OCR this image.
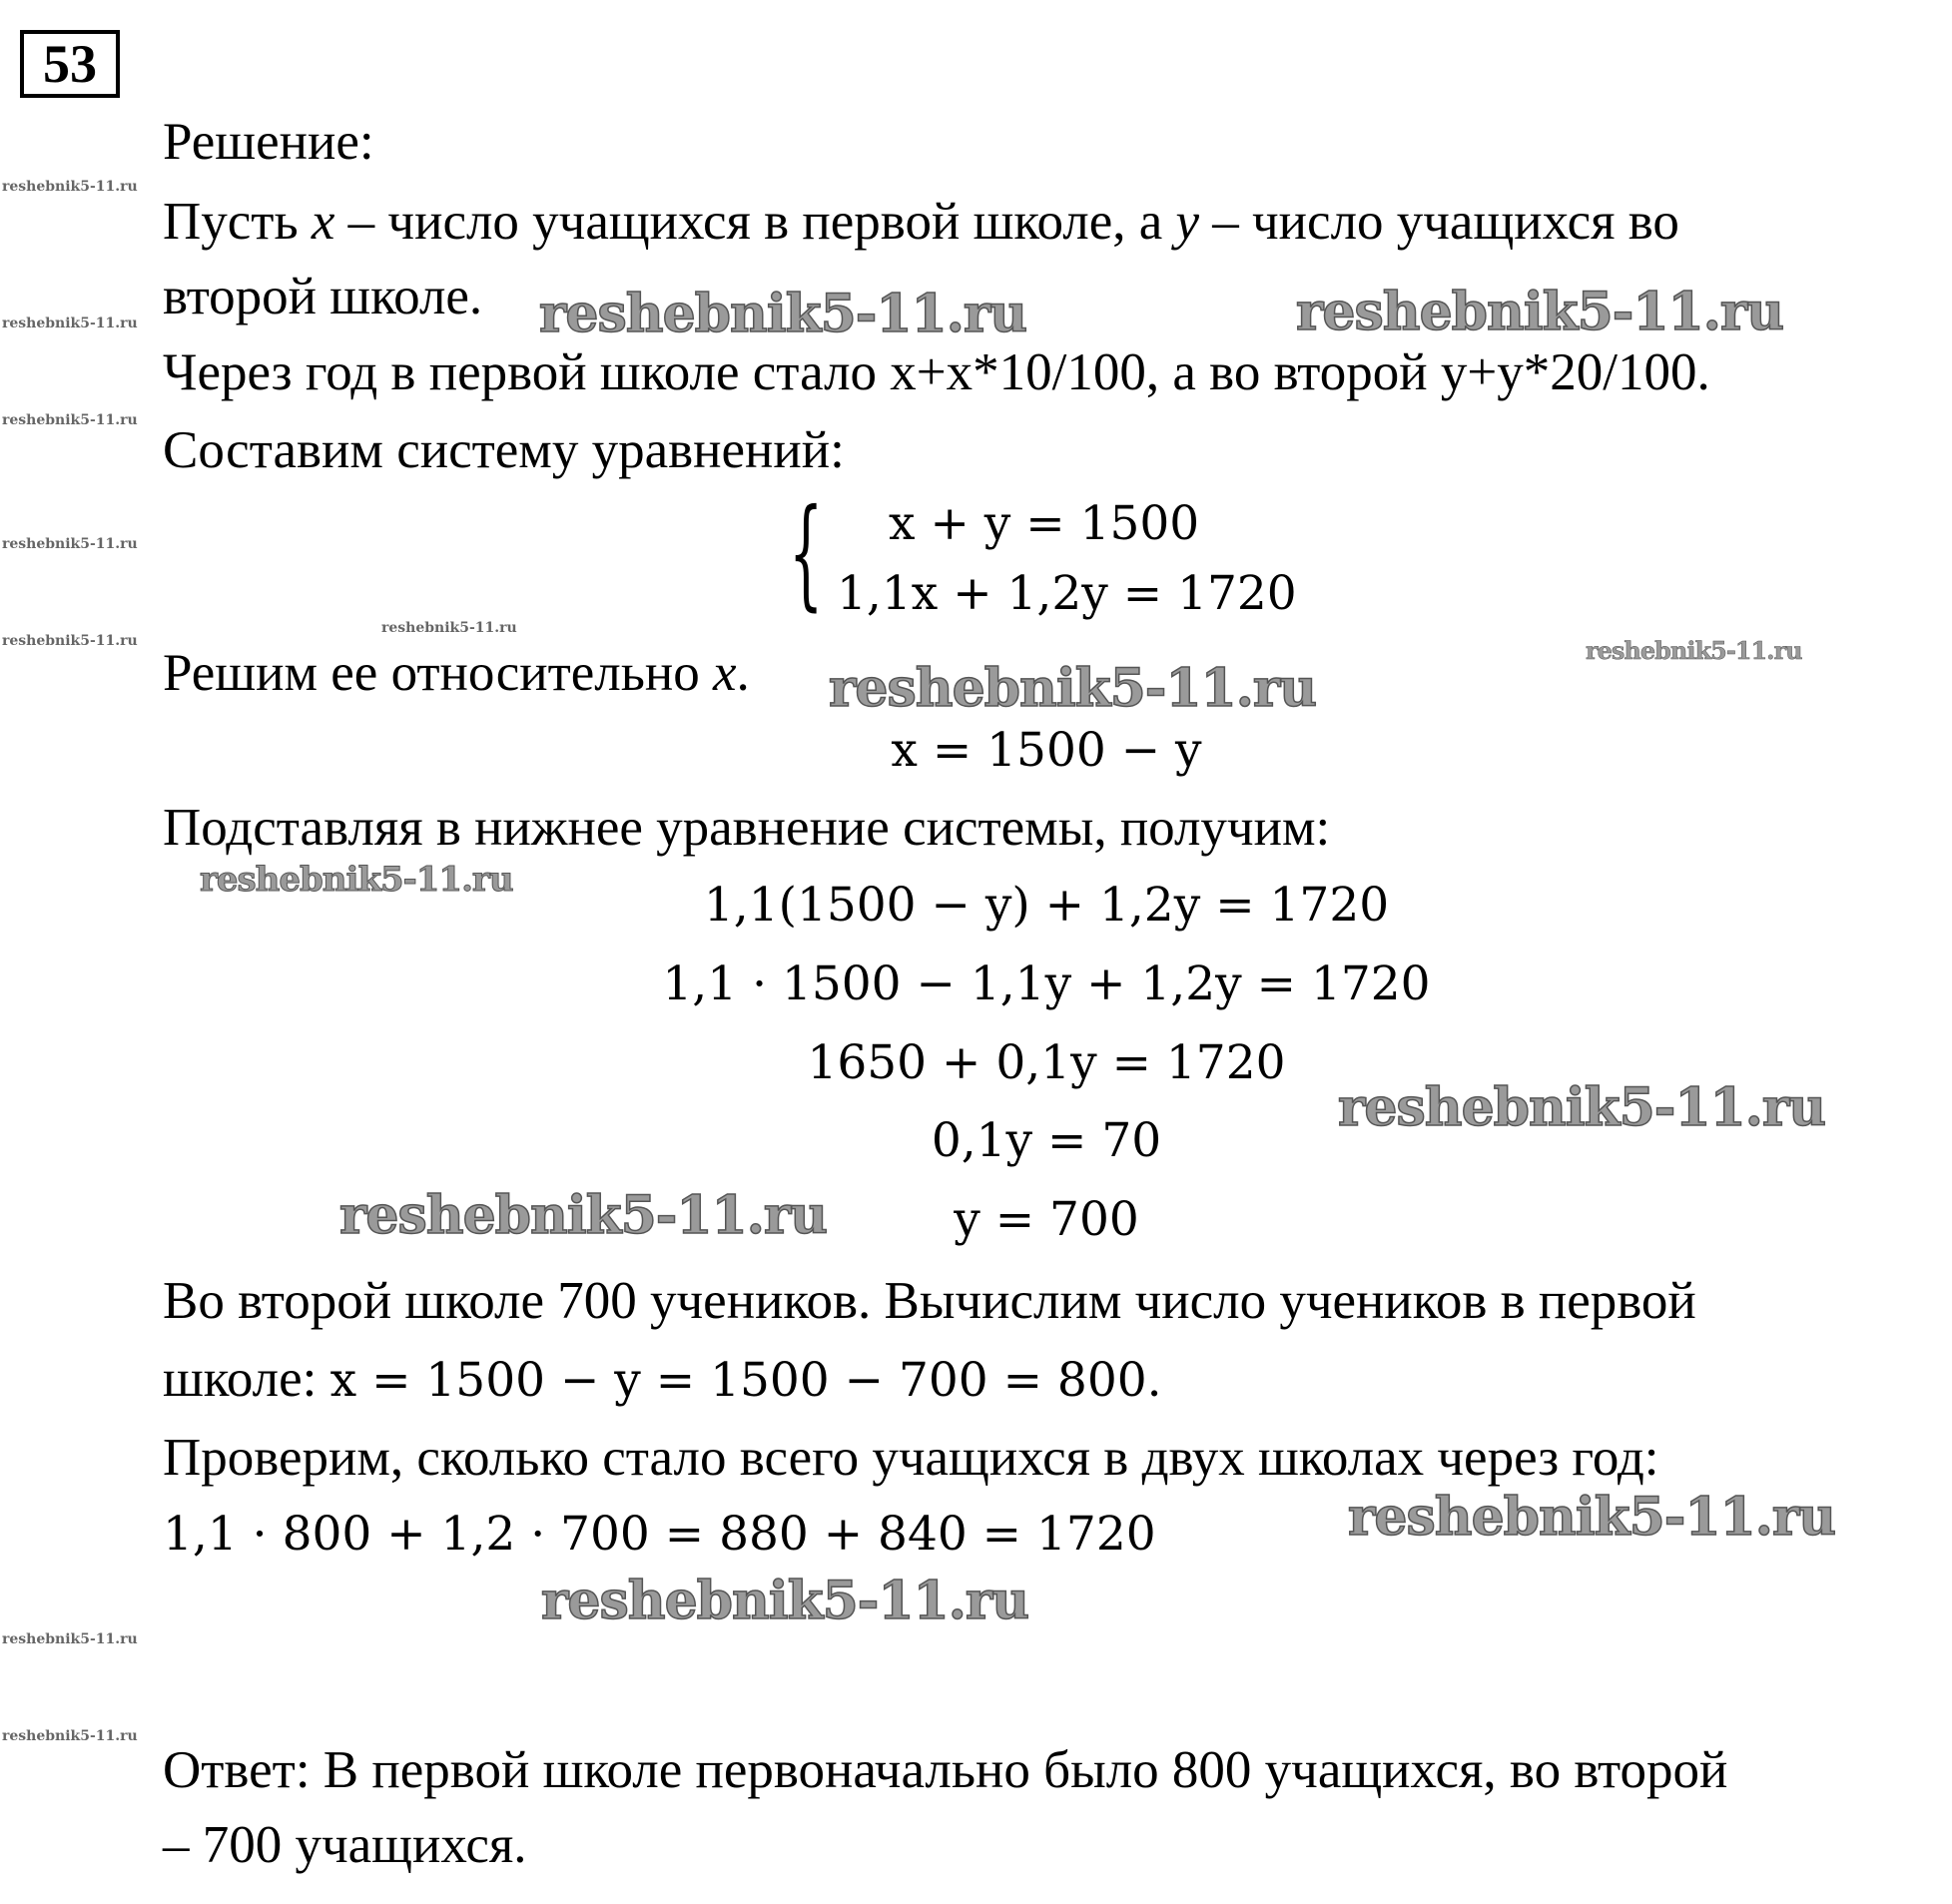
53
Решение:
Пусть x – число учащихся в первой школе, а y – число учащихся во
второй школе.
Через год в первой школе стало x+x*10/100, а во второй y+y*20/100.
Составим систему уравнений:
{ x + y = 1500
1,1x + 1,2y = 1720
Решим ее относительно x.
x = 1500 − y
Подставляя в нижнее уравнение системы, получим:
1,1(1500 − y) + 1,2y = 1720
1,1 · 1500 − 1,1y + 1,2y = 1720
1650 + 0,1y = 1720
0,1y = 70
y = 700
Во второй школе 700 учеников. Вычислим число учеников в первой
школе: x = 1500 − y = 1500 − 700 = 800.
Проверим, сколько стало всего учащихся в двух школах через год:
1,1 · 800 + 1,2 · 700 = 880 + 840 = 1720
Ответ: В первой школе первоначально было 800 учащихся, во второй
– 700 учащихся.
reshebnik5-11.ru	reshebnik5-11.ru
reshebnik5-11.ru
reshebnik5-11.ru
reshebnik5-11.ru
reshebnik5-11.ru
reshebnik5-11.ru
reshebnik5-11.ru
reshebnik5-11.ru
reshebnik5-11.ru
reshebnik5-11.ru
reshebnik5-11.ru
reshebnik5-11.ru
reshebnik5-11.ru
reshebnik5-11.ru
reshebnik5-11.ru
reshebnik5-11.ru
